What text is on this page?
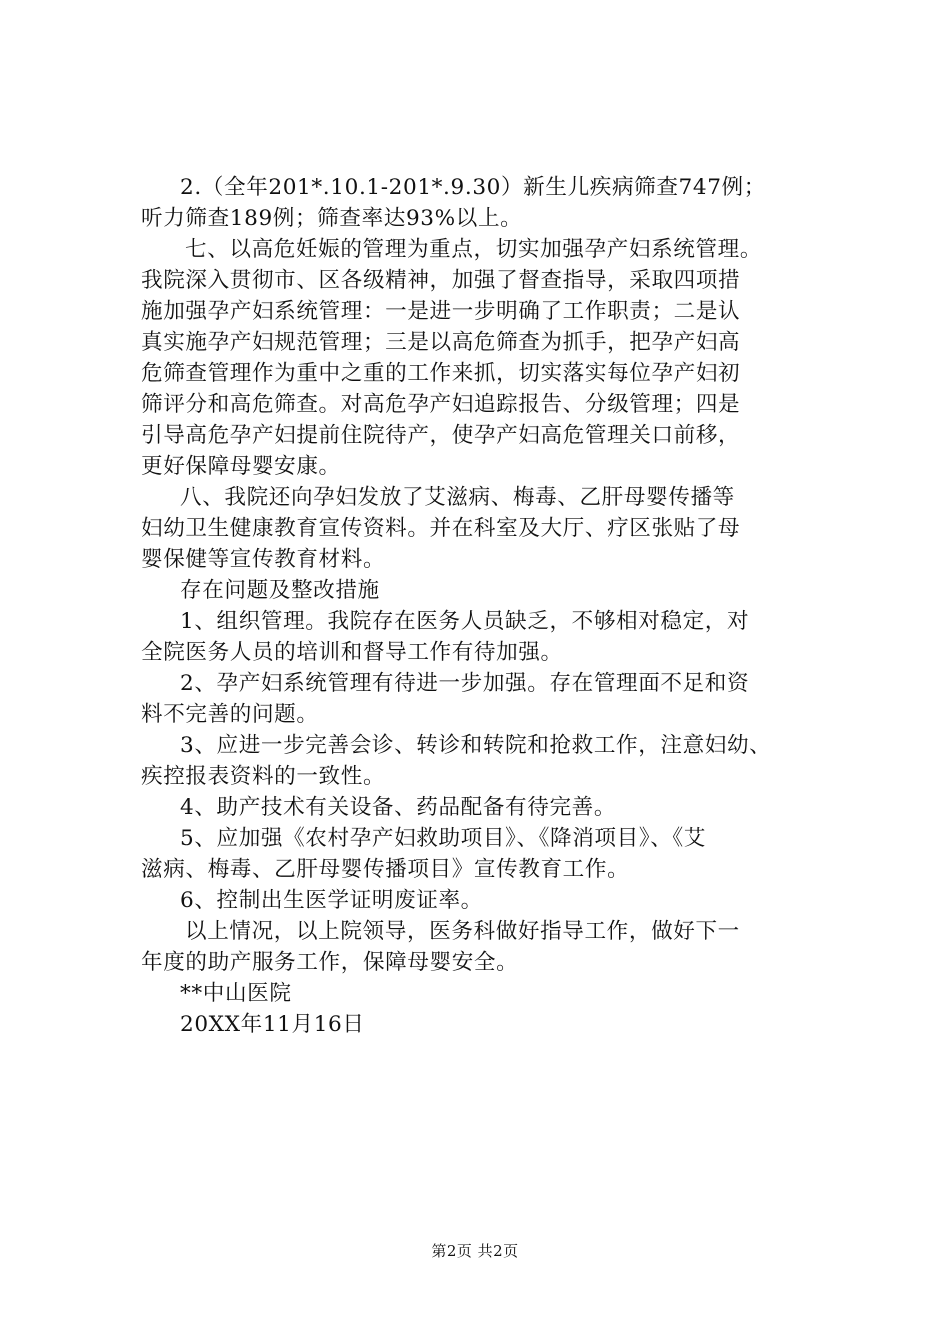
2.（全年201*.10.1-201*.9.30）新生儿疾病筛查747例；
听力筛查189例；筛查率达93%以上。
七、以高危妊娠的管理为重点，切实加强孕产妇系统管理。
我院深入贯彻市、区各级精神，加强了督查指导，采取四项措
施加强孕产妇系统管理：一是进一步明确了工作职责；二是认
真实施孕产妇规范管理；三是以高危筛查为抓手，把孕产妇高
危筛查管理作为重中之重的工作来抓，切实落实每位孕产妇初
筛评分和高危筛查。对高危孕产妇追踪报告、分级管理；四是
引导高危孕产妇提前住院待产，使孕产妇高危管理关口前移，
更好保障母婴安康。
八、我院还向孕妇发放了艾滋病、梅毒、乙肝母婴传播等
妇幼卫生健康教育宣传资料。并在科室及大厅、疗区张贴了母
婴保健等宣传教育材料。
存在问题及整改措施
1、组织管理。我院存在医务人员缺乏，不够相对稳定，对
全院医务人员的培训和督导工作有待加强。
2、孕产妇系统管理有待进一步加强。存在管理面不足和资
料不完善的问题。
3、应进一步完善会诊、转诊和转院和抢救工作，注意妇幼、
疾控报表资料的一致性。
4、助产技术有关设备、药品配备有待完善。
5、应加强《农村孕产妇救助项目》、《降消项目》、《艾
滋病、梅毒、乙肝母婴传播项目》宣传教育工作。
6、控制出生医学证明废证率。
以上情况，以上院领导，医务科做好指导工作，做好下一
年度的助产服务工作，保障母婴安全。
**中山医院
20XX年11月16日
第2页 共2页
